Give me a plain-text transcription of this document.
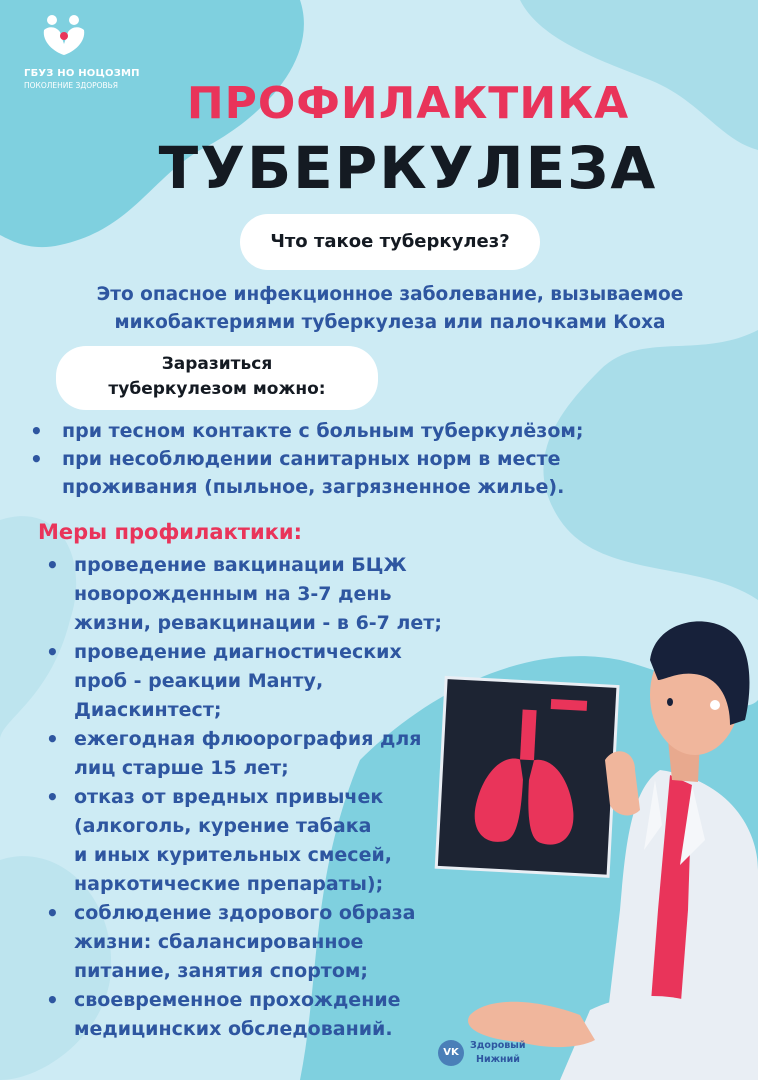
ГБУЗ НО НОЦОЗМП
ПОКОЛЕНИЕ ЗДОРОВЬЯ	ПРОФИЛАКТИКА
ТУБЕРКУЛЕЗА
Что такое туберкулез?
Это опасное инфекционное заболевание, вызываемое
микобактериями туберкулеза или палочками Коха
Заразиться
туберкулезом можно:
• при тесном контакте с больным туберкулёзом;
• при несоблюдении санитарных норм в месте
проживания (пыльное, загрязненное жилье).
Меры профилактики:
• проведение вакцинации БЦЖ
новорожденным на 3-7 день
жизни, ревакцинации - в 6-7 лет;
• проведение диагностических
проб - реакции Манту,
Диаскинтест;
• ежегодная флюорография для
лиц старше 15 лет;
• отказ от вредных привычек
(алкоголь, курение табака
и иных курительных смесей,
наркотические препараты);
• соблюдение здорового образа
жизни: сбалансированное
питание, занятия спортом;
• своевременное прохождение
медицинских обследований.
VK
Здоровый
Нижний
